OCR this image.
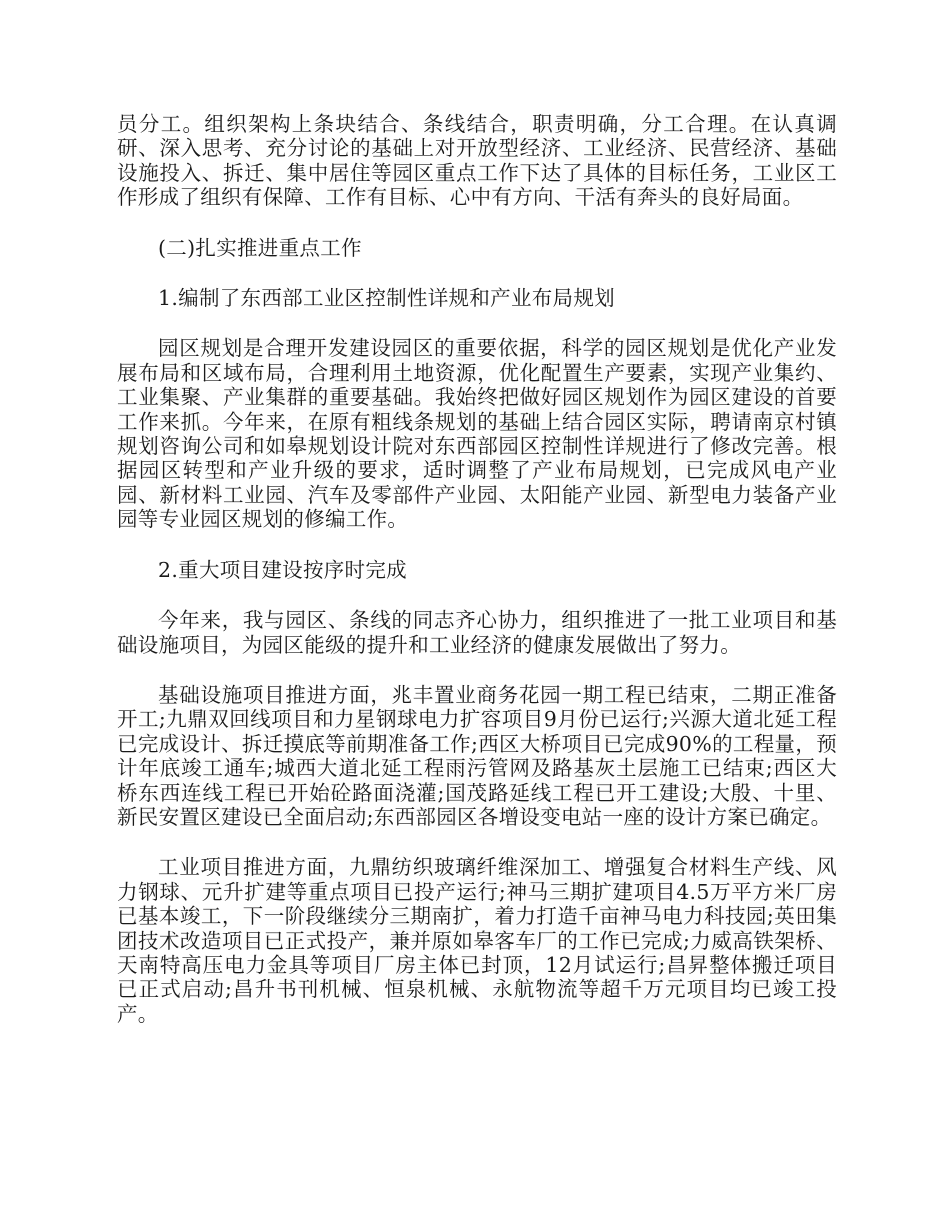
员分工。组织架构上条块结合、条线结合，职责明确，分工合理。在认真调研、深入思考、充分讨论的基础上对开放型经济、工业经济、民营经济、基础设施投入、拆迁、集中居住等园区重点工作下达了具体的目标任务，工业区工作形成了组织有保障、工作有目标、心中有方向、干活有奔头的良好局面。

(二)扎实推进重点工作

1.编制了东西部工业区控制性详规和产业布局规划

园区规划是合理开发建设园区的重要依据，科学的园区规划是优化产业发展布局和区域布局，合理利用土地资源，优化配置生产要素，实现产业集约、工业集聚、产业集群的重要基础。我始终把做好园区规划作为园区建设的首要工作来抓。今年来，在原有粗线条规划的基础上结合园区实际，聘请南京村镇规划咨询公司和如皋规划设计院对东西部园区控制性详规进行了修改完善。根据园区转型和产业升级的要求，适时调整了产业布局规划，已完成风电产业园、新材料工业园、汽车及零部件产业园、太阳能产业园、新型电力装备产业园等专业园区规划的修编工作。

2.重大项目建设按序时完成

今年来，我与园区、条线的同志齐心协力，组织推进了一批工业项目和基础设施项目，为园区能级的提升和工业经济的健康发展做出了努力。

基础设施项目推进方面，兆丰置业商务花园一期工程已结束，二期正准备开工;九鼎双回线项目和力星钢球电力扩容项目9月份已运行;兴源大道北延工程已完成设计、拆迁摸底等前期准备工作;西区大桥项目已完成90%的工程量，预计年底竣工通车;城西大道北延工程雨污管网及路基灰土层施工已结束;西区大桥东西连线工程已开始砼路面浇灌;国茂路延线工程已开工建设;大殷、十里、新民安置区建设已全面启动;东西部园区各增设变电站一座的设计方案已确定。

工业项目推进方面，九鼎纺织玻璃纤维深加工、增强复合材料生产线、风力钢球、元升扩建等重点项目已投产运行;神马三期扩建项目4.5万平方米厂房已基本竣工，下一阶段继续分三期南扩，着力打造千亩神马电力科技园;英田集团技术改造项目已正式投产，兼并原如皋客车厂的工作已完成;力威高铁架桥、天南特高压电力金具等项目厂房主体已封顶，12月试运行;昌昇整体搬迁项目已正式启动;昌升书刊机械、恒泉机械、永航物流等超千万元项目均已竣工投产。
